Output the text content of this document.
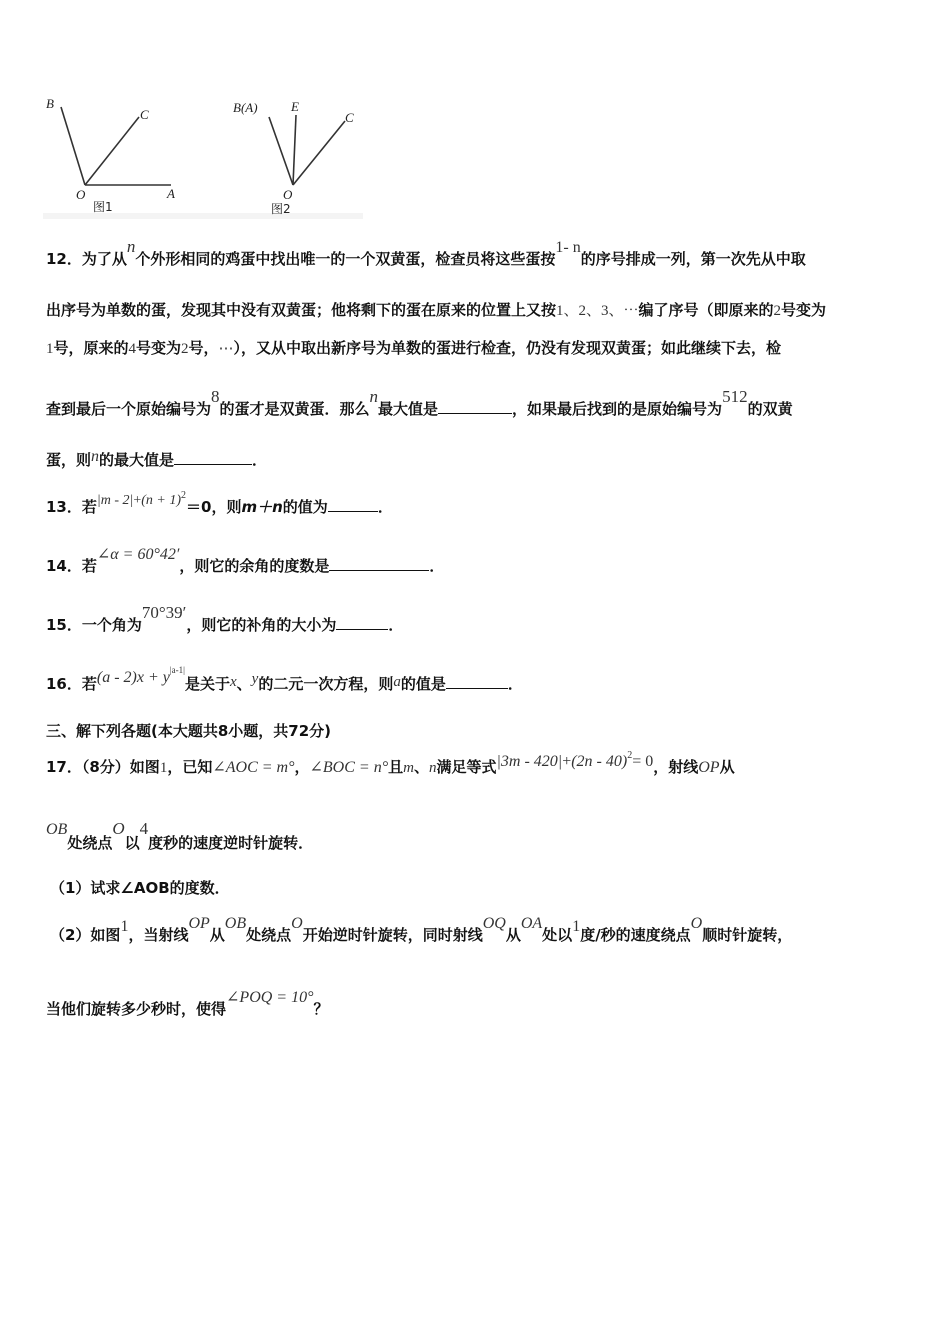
B
C
O	A
图1
B(A)	E
C
O
图2
12．为了从n个外形相同的鸡蛋中找出唯一的一个双黄蛋，检查员将这些蛋按1- n的序号排成一列，第一次先从中取
出序号为单数的蛋，发现其中没有双黄蛋；他将剩下的蛋在原来的位置上又按1、2、3、⋯编了序号（即原来的2号变为
1号，原来的4号变为2号，⋯），又从中取出新序号为单数的蛋进行检查，仍没有发现双黄蛋；如此继续下去，检
查到最后一个原始编号为8的蛋才是双黄蛋．那么n最大值是	，如果最后找到的是原始编号为512的双黄
蛋，则n的最大值是	．
13．若$|m - 2|+(n + 1)^2=0$，则m＋n的值为	．
14．若∠α = 60°42′，则它的余角的度数是	．
15．一个角为70°39′，则它的补角的大小为	．
16．若$(a - 2)x + y^{|a-1|}$是关于x、y的二元一次方程，则a的值是	．
三、解下列各题(本大题共8小题，共72分)
17．（8分）如图1，已知∠AOC = m°，∠BOC = n°且m、n满足等式|3m - 420|+(2n - 40)$^2$= 0，射线OP从
OB处绕点O以4度秒的速度逆时针旋转．
（1）试求∠AOB的度数．
（2）如图1，当射线OP从OB处绕点O开始逆时针旋转，同时射线OQ从OA处以1度/秒的速度绕点O顺时针旋转，
当他们旋转多少秒时，使得∠POQ = 10°？
